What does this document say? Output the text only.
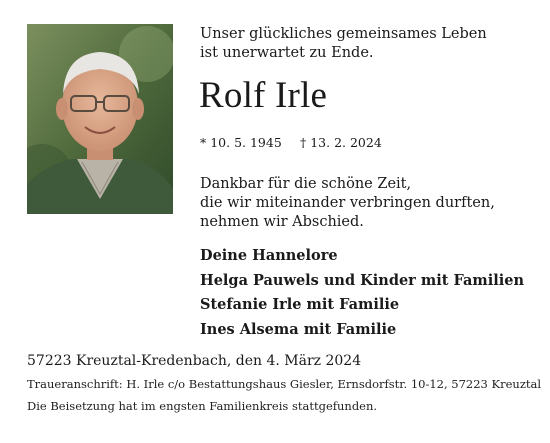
Unser glückliches gemeinsames Leben
ist unerwartet zu Ende.
Rolf Irle
* 10. 5. 1945 † 13. 2. 2024
Dankbar für die schöne Zeit,
die wir miteinander verbringen durften,
nehmen wir Abschied.
Deine Hannelore
Helga Pauwels und Kinder mit Familien
Stefanie Irle mit Familie
Ines Alsema mit Familie
57223 Kreuztal-Kredenbach, den 4. März 2024
Traueranschrift: H. Irle c/o Bestattungshaus Giesler, Ernsdorfstr. 10-12, 57223 Kreuztal
Die Beisetzung hat im engsten Familienkreis stattgefunden.
